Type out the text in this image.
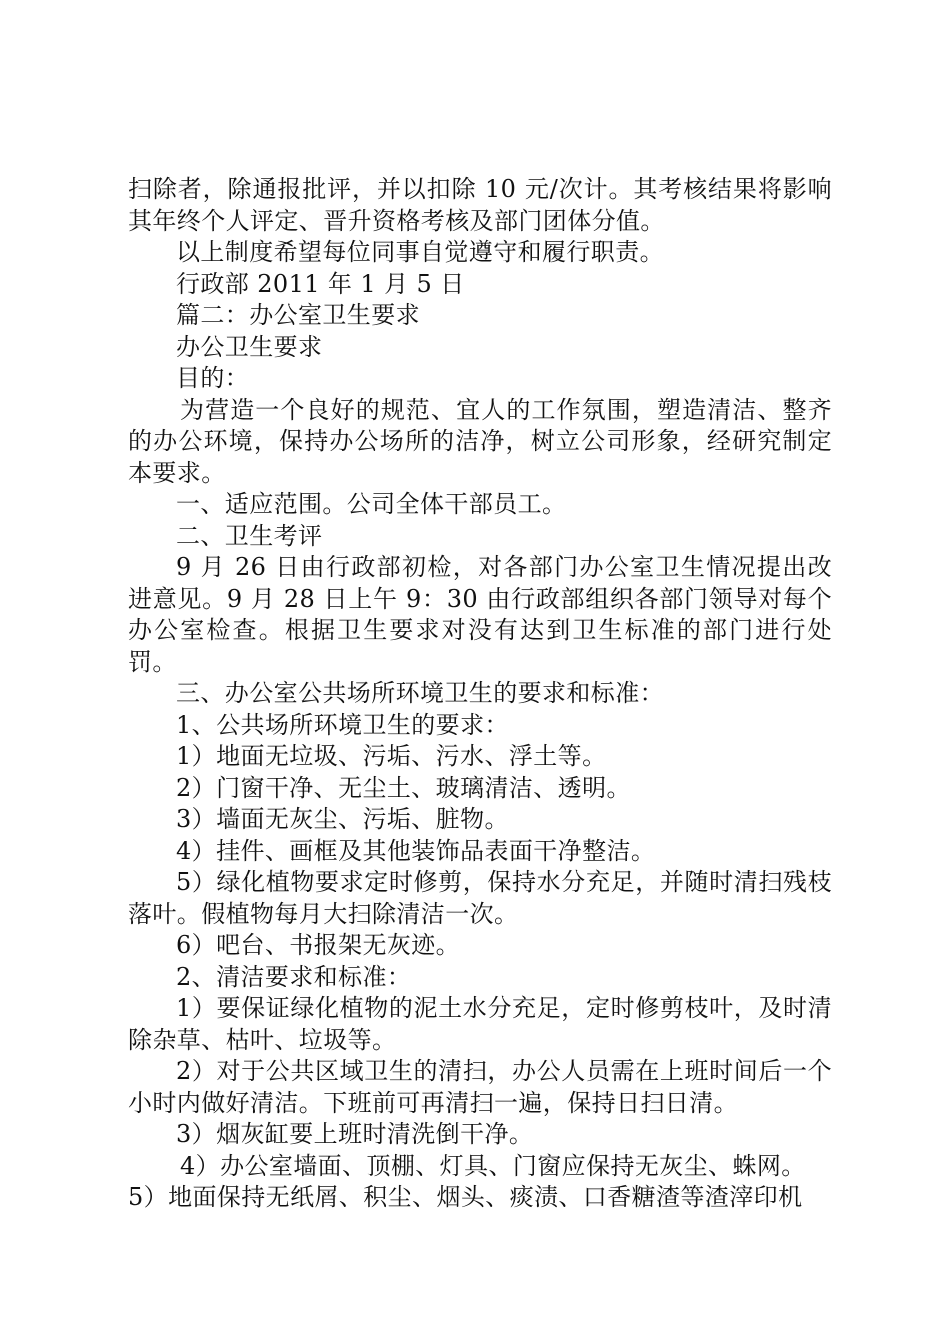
扫除者，除通报批评，并以扣除 10 元/次计。其考核结果将影响其年终个人评定、晋升资格考核及部门团体分值。

以上制度希望每位同事自觉遵守和履行职责。

行政部 2011 年 1 月 5 日

篇二：办公室卫生要求

办公卫生要求

目的：

为营造一个良好的规范、宜人的工作氛围，塑造清洁、整齐的办公环境，保持办公场所的洁净，树立公司形象，经研究制定本要求。

一、适应范围。公司全体干部员工。

二、卫生考评

9 月 26 日由行政部初检，对各部门办公室卫生情况提出改进意见。9 月 28 日上午 9：30 由行政部组织各部门领导对每个办公室检查。根据卫生要求对没有达到卫生标准的部门进行处罚。

三、办公室公共场所环境卫生的要求和标准：

1、公共场所环境卫生的要求：

1）地面无垃圾、污垢、污水、浮土等。

2）门窗干净、无尘土、玻璃清洁、透明。

3）墙面无灰尘、污垢、脏物。

4）挂件、画框及其他装饰品表面干净整洁。

5）绿化植物要求定时修剪，保持水分充足，并随时清扫残枝落叶。假植物每月大扫除清洁一次。

6）吧台、书报架无灰迹。

2、清洁要求和标准：

1）要保证绿化植物的泥土水分充足，定时修剪枝叶，及时清除杂草、枯叶、垃圾等。

2）对于公共区域卫生的清扫，办公人员需在上班时间后一个小时内做好清洁。下班前可再清扫一遍，保持日扫日清。

3）烟灰缸要上班时清洗倒干净。

4）办公室墙面、顶棚、灯具、门窗应保持无灰尘、蛛网。

5）地面保持无纸屑、积尘、烟头、痰渍、口香糖渣等渣滓印机
